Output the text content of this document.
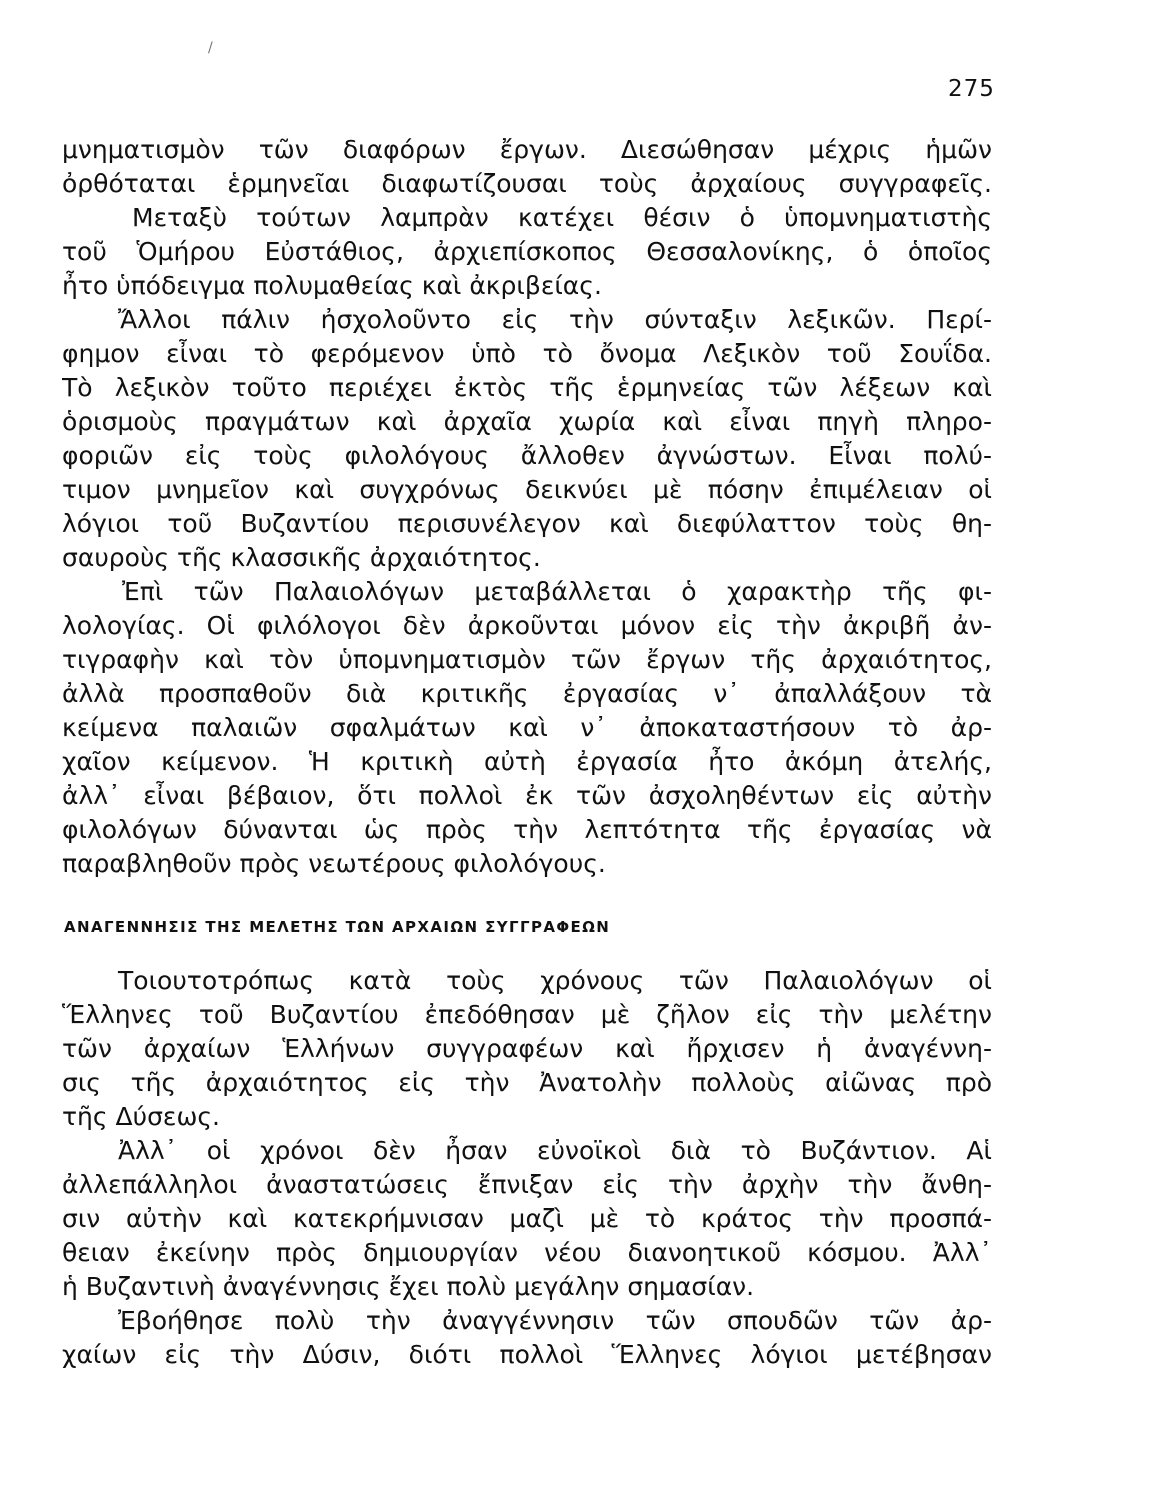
/
275
μνηματισμὸν τῶν διαφόρων ἔργων. Διεσώθησαν μέχρις ἡμῶν
ὀρθόταται ἑρμηνεῖαι διαφωτίζουσαι τοὺς ἀρχαίους συγγραφεῖς.
Μεταξὺ τούτων λαμπρὰν κατέχει θέσιν ὁ ὑπομνηματιστὴς
τοῦ Ὁμήρου Εὐστάθιος, ἀρχιεπίσκοπος Θεσσαλονίκης, ὁ ὁποῖος
ἦτο ὑπόδειγμα πολυμαθείας καὶ ἀκριβείας.
Ἄλλοι πάλιν ἠσχολοῦντο εἰς τὴν σύνταξιν λεξικῶν. Περί-
φημον εἶναι τὸ φερόμενον ὑπὸ τὸ ὄνομα Λεξικὸν τοῦ Σουΐδα.
Τὸ λεξικὸν τοῦτο περιέχει ἐκτὸς τῆς ἑρμηνείας τῶν λέξεων καὶ
ὁρισμοὺς πραγμάτων καὶ ἀρχαῖα χωρία καὶ εἶναι πηγὴ πληρο-
φοριῶν εἰς τοὺς φιλολόγους ἄλλοθεν ἀγνώστων. Εἶναι πολύ-
τιμον μνημεῖον καὶ συγχρόνως δεικνύει μὲ πόσην ἐπιμέλειαν οἱ
λόγιοι τοῦ Βυζαντίου περισυνέλεγον καὶ διεφύλαττον τοὺς θη-
σαυροὺς τῆς κλασσικῆς ἀρχαιότητος.
Ἐπὶ τῶν Παλαιολόγων μεταβάλλεται ὁ χαρακτὴρ τῆς φι-
λολογίας. Οἱ φιλόλογοι δὲν ἀρκοῦνται μόνον εἰς τὴν ἀκριβῆ ἀν-
τιγραφὴν καὶ τὸν ὑπομνηματισμὸν τῶν ἔργων τῆς ἀρχαιότητος,
ἀλλὰ προσπαθοῦν διὰ κριτικῆς ἐργασίας ν᾽ ἀπαλλάξουν τὰ
κείμενα παλαιῶν σφαλμάτων καὶ ν᾽ ἀποκαταστήσουν τὸ ἀρ-
χαῖον κείμενον. Ἡ κριτικὴ αὐτὴ ἐργασία ἦτο ἀκόμη ἀτελής,
ἀλλ᾽ εἶναι βέβαιον, ὅτι πολλοὶ ἐκ τῶν ἀσχοληθέντων εἰς αὐτὴν
φιλολόγων δύνανται ὡς πρὸς τὴν λεπτότητα τῆς ἐργασίας νὰ
παραβληθοῦν πρὸς νεωτέρους φιλολόγους.
ΑΝΑΓΕΝΝΗΣΙΣ ΤΗΣ ΜΕΛΕΤΗΣ ΤΩΝ ΑΡΧΑΙΩΝ ΣΥΓΓΡΑΦΕΩΝ
Τοιουτοτρόπως κατὰ τοὺς χρόνους τῶν Παλαιολόγων οἱ
Ἕλληνες τοῦ Βυζαντίου ἐπεδόθησαν μὲ ζῆλον εἰς τὴν μελέτην
τῶν ἀρχαίων Ἑλλήνων συγγραφέων καὶ ἤρχισεν ἡ ἀναγέννη-
σις τῆς ἀρχαιότητος εἰς τὴν Ἀνατολὴν πολλοὺς αἰῶνας πρὸ
τῆς Δύσεως.
Ἀλλ᾽ οἱ χρόνοι δὲν ἦσαν εὐνοϊκοὶ διὰ τὸ Βυζάντιον. Αἱ
ἀλλεπάλληλοι ἀναστατώσεις ἔπνιξαν εἰς τὴν ἀρχὴν τὴν ἄνθη-
σιν αὐτὴν καὶ κατεκρήμνισαν μαζὶ μὲ τὸ κράτος τὴν προσπά-
θειαν ἐκείνην πρὸς δημιουργίαν νέου διανοητικοῦ κόσμου. Ἀλλ᾽
ἡ Βυζαντινὴ ἀναγέννησις ἔχει πολὺ μεγάλην σημασίαν.
Ἐβοήθησε πολὺ τὴν ἀναγγέννησιν τῶν σπουδῶν τῶν ἀρ-
χαίων εἰς τὴν Δύσιν, διότι πολλοὶ Ἕλληνες λόγιοι μετέβησαν
